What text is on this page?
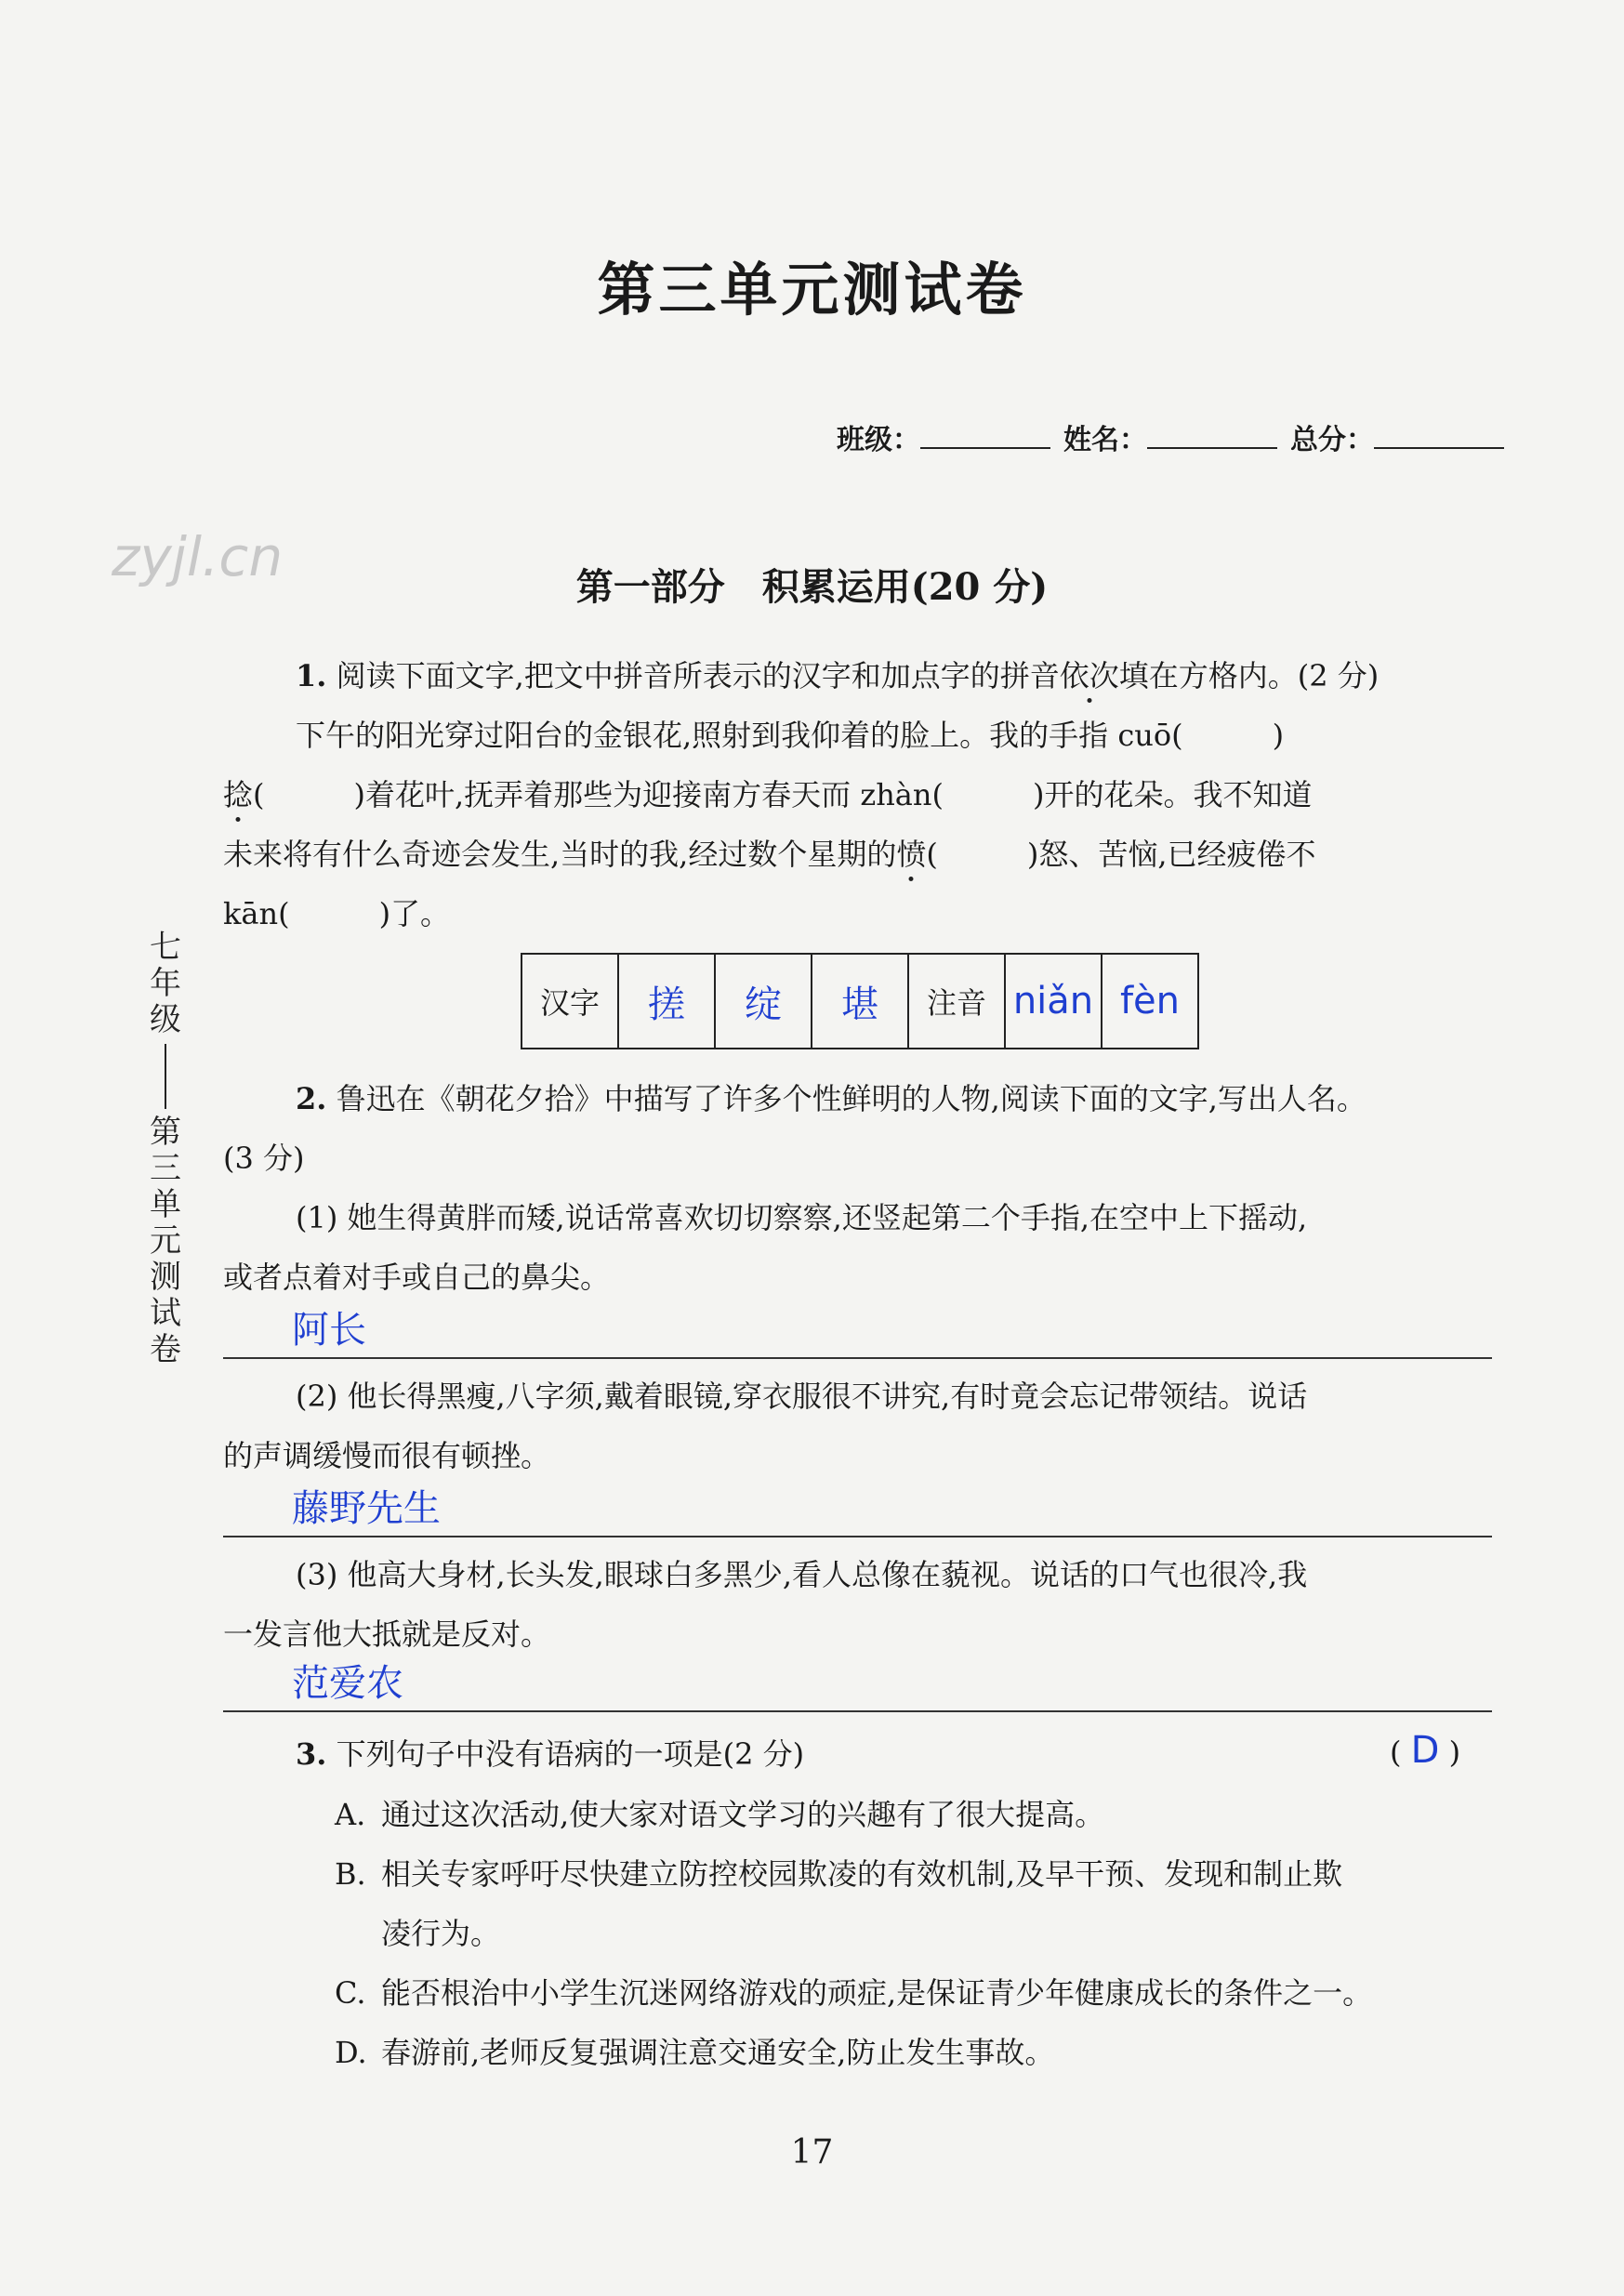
zyjl.cn
第三单元测试卷
班级：	姓名：	总分：
七年级
第三单元测试卷
第一部分　积累运用(20 分)

1. 阅读下面文字,把文中拼音所表示的汉字和加点字的拼音依次填在方格内。(2 分)

下午的阳光穿过阳台的金银花,照射到我仰着的脸上。我的手指 cuō(　　　)

捻(　　　)着花叶,抚弄着那些为迎接南方春天而 zhàn(　　　)开的花朵。我不知道

未来将有什么奇迹会发生,当时的我,经过数个星期的愤(　　　)怒、苦恼,已经疲倦不

kān(　　　)了。

汉字	搓	绽	堪	注音	niǎn	fèn

2. 鲁迅在《朝花夕拾》中描写了许多个性鲜明的人物,阅读下面的文字,写出人名。

(3 分)

(1) 她生得黄胖而矮,说话常喜欢切切察察,还竖起第二个手指,在空中上下摇动,

或者点着对手或自己的鼻尖。

阿长

(2) 他长得黑瘦,八字须,戴着眼镜,穿衣服很不讲究,有时竟会忘记带领结。说话

的声调缓慢而很有顿挫。

藤野先生

(3) 他高大身材,长头发,眼球白多黑少,看人总像在藐视。说话的口气也很冷,我

一发言他大抵就是反对。

范爱农

3. 下列句子中没有语病的一项是(2 分)	( D )
A. 通过这次活动,使大家对语文学习的兴趣有了很大提高。
B. 相关专家呼吁尽快建立防控校园欺凌的有效机制,及早干预、发现和制止欺
凌行为。
C. 能否根治中小学生沉迷网络游戏的顽症,是保证青少年健康成长的条件之一。
D. 春游前,老师反复强调注意交通安全,防止发生事故。
17
